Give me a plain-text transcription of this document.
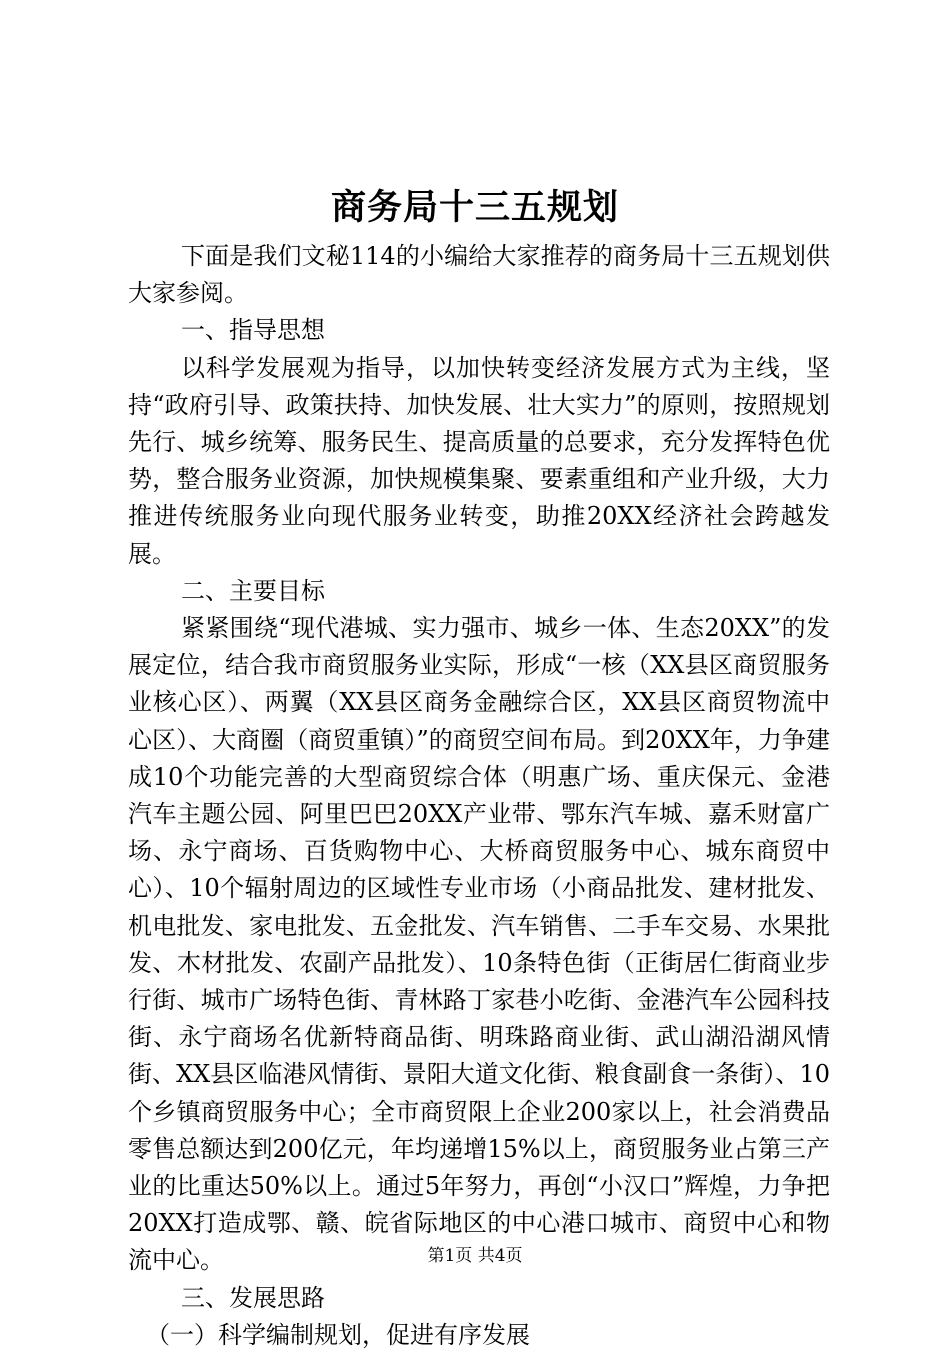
商务局十三五规划

下面是我们文秘114的小编给大家推荐的商务局十三五规划供大家参阅。

一、指导思想

以科学发展观为指导，以加快转变经济发展方式为主线，坚持“政府引导、政策扶持、加快发展、壮大实力”的原则，按照规划先行、城乡统筹、服务民生、提高质量的总要求，充分发挥特色优势，整合服务业资源，加快规模集聚、要素重组和产业升级，大力推进传统服务业向现代服务业转变，助推20XX经济社会跨越发展。

二、主要目标

紧紧围绕“现代港城、实力强市、城乡一体、生态20XX”的发展定位，结合我市商贸服务业实际，形成“一核（XX县区商贸服务业核心区）、两翼（XX县区商务金融综合区，XX县区商贸物流中心区）、大商圈（商贸重镇）”的商贸空间布局。到20XX年，力争建成10个功能完善的大型商贸综合体（明惠广场、重庆保元、金港汽车主题公园、阿里巴巴20XX产业带、鄂东汽车城、嘉禾财富广场、永宁商场、百货购物中心、大桥商贸服务中心、城东商贸中心）、10个辐射周边的区域性专业市场（小商品批发、建材批发、机电批发、家电批发、五金批发、汽车销售、二手车交易、水果批发、木材批发、农副产品批发）、10条特色街（正街居仁街商业步行街、城市广场特色街、青林路丁家巷小吃街、金港汽车公园科技街、永宁商场名优新特商品街、明珠路商业街、武山湖沿湖风情街、XX县区临港风情街、景阳大道文化街、粮食副食一条街）、10个乡镇商贸服务中心；全市商贸限上企业200家以上，社会消费品零售总额达到200亿元，年均递增15%以上，商贸服务业占第三产业的比重达50%以上。通过5年努力，再创“小汉口”辉煌，力争把20XX打造成鄂、赣、皖省际地区的中心港口城市、商贸中心和物流中心。

三、发展思路

（一）科学编制规划，促进有序发展

第1页 共4页
